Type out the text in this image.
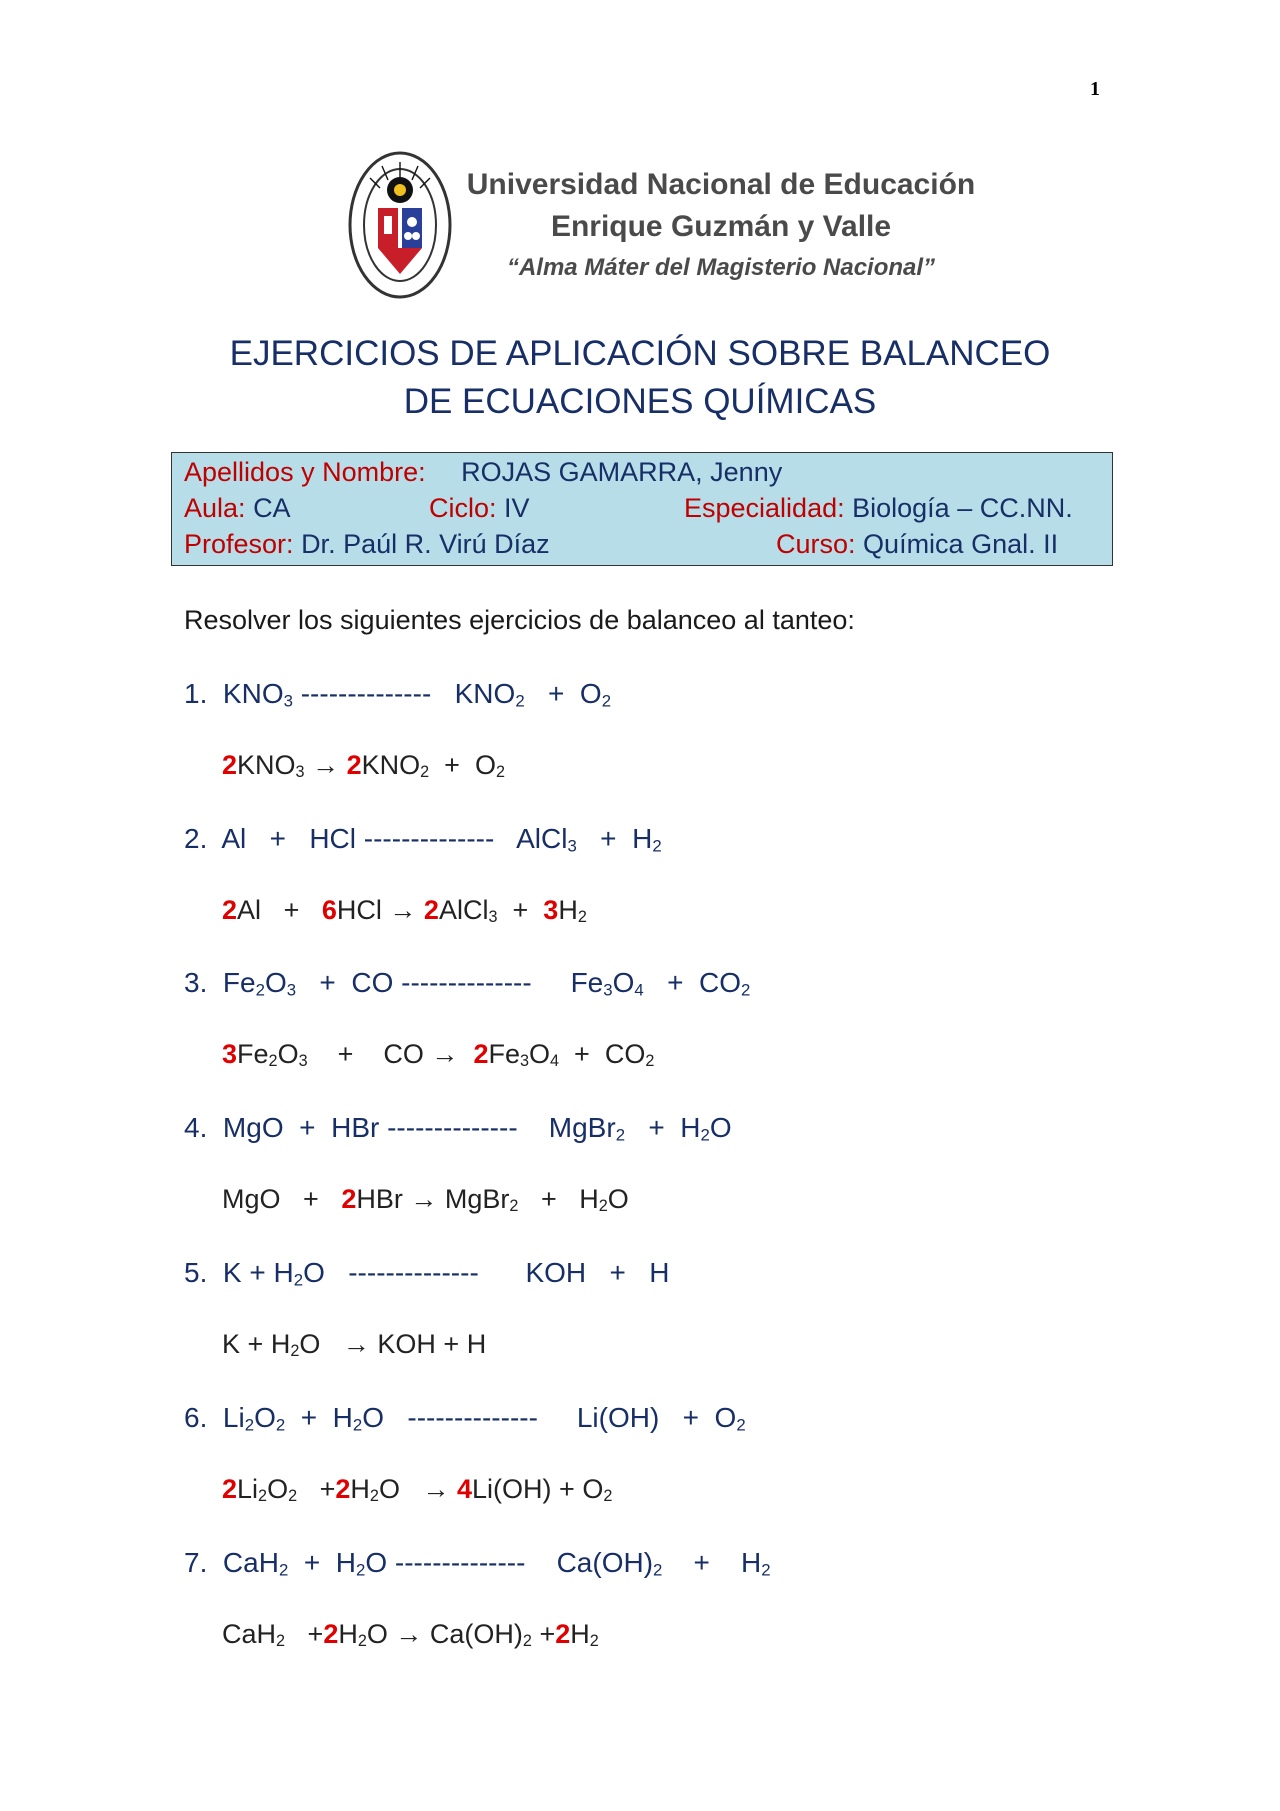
1
Universidad Nacional de Educación
Enrique Guzmán y Valle
“Alma Máter del Magisterio Nacional”
EJERCICIOS DE APLICACIÓN SOBRE BALANCEO
DE ECUACIONES QUÍMICAS
Apellidos y Nombre: ROJAS GAMARRA, Jenny
Aula: CA	Ciclo: IV	Especialidad: Biología – CC.NN.
Profesor: Dr. Paúl R. Virú Díaz	Curso: Química Gnal. II
Resolver los siguientes ejercicios de balanceo al tanteo:
1. $KNO_3$ -------------- $KNO_2 + O_2$
$2KNO_3 \to 2KNO_2 + O_2$
2. Al + HCl -------------- AlCl$_3$ + $H_2$
2Al + 6HCl → 2AlCl$_3$ + $3H_2$
3. $Fe_2O_3$ + CO -------------- $Fe_3O_4 + CO_2$
$3Fe_2O_3$ + CO → $2Fe_3O_4 + CO_2$
4. MgO + HBr -------------- MgBr$_2$ + $H_2O$
MgO + 2HBr → MgBr$_2$ + $H_2O$
5. $K + H_2O$ -------------- KOH + H
$K + H_2O$ → KOH + H
6. $Li_2O_2 + H_2O$ -------------- $Li(OH) + O_2$
$2Li_2O_2 +2H_2O \to 4Li(OH) + O_2$
7. $CaH_2 + H_2O$ -------------- $Ca(OH)_2 + H_2$
$CaH_2 +2H_2O \to Ca(OH)_2 +2H_2$
